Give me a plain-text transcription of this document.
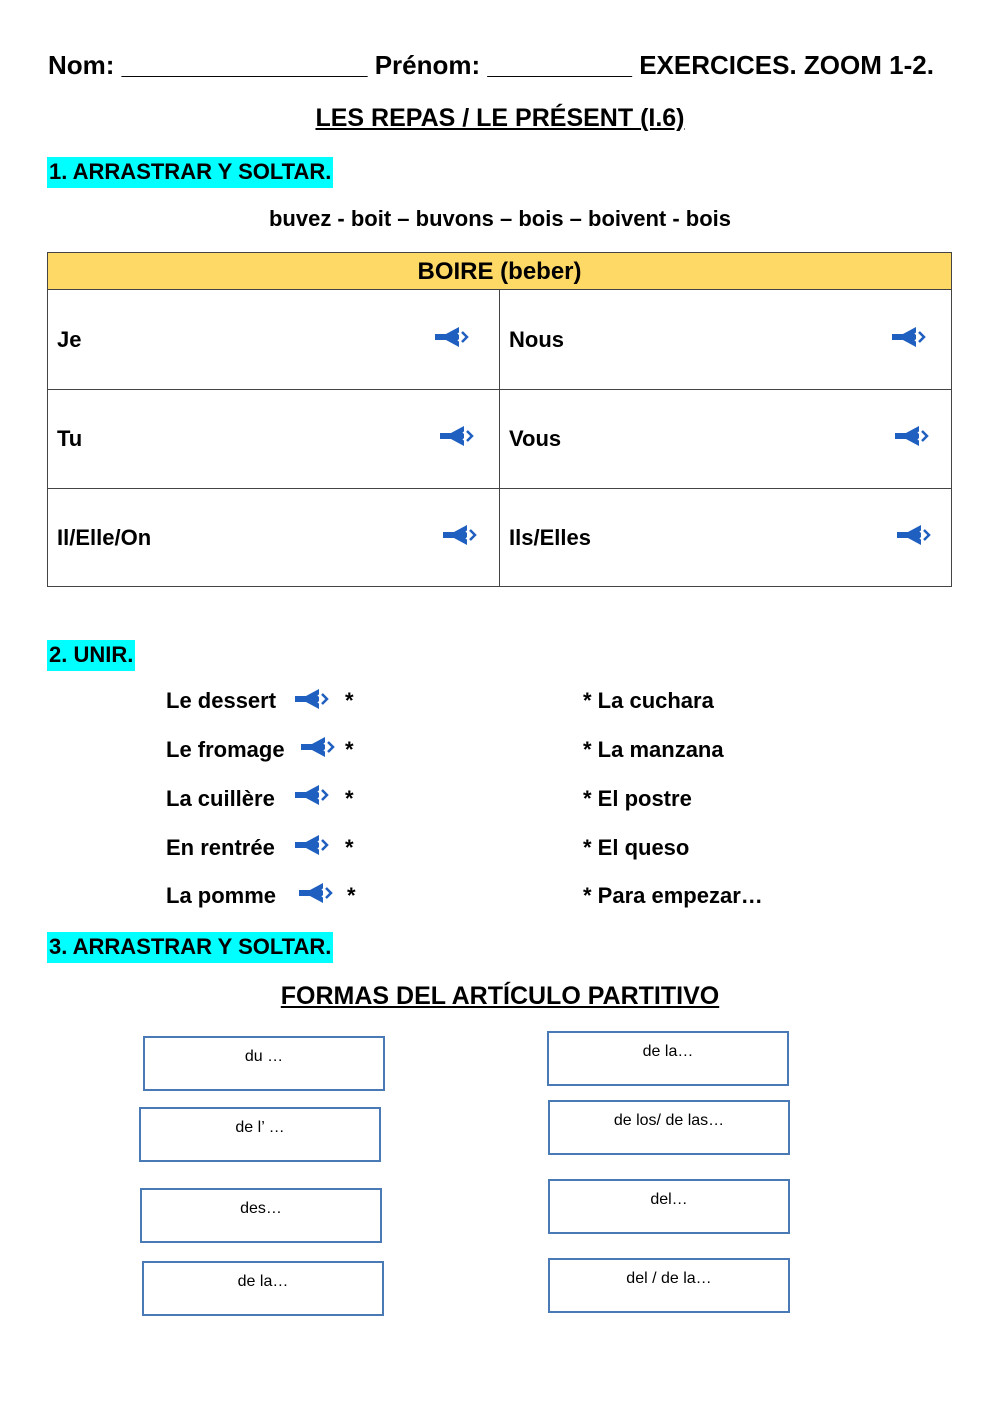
Nom: _________________ Prénom: __________ EXERCICES. ZOOM 1-2.
LES REPAS / LE PRÉSENT (I.6)
1. ARRASTRAR Y SOLTAR.
buvez - boit – buvons – bois – boivent - bois
BOIRE (beber)
Je	Nous
Tu	Vous
Il/Elle/On	Ils/Elles
2. UNIR.
Le dessert	*	* La cuchara
Le fromage	*	* La manzana
La cuillère	*	* El postre
En rentrée	*	* El queso
La pomme	*	* Para empezar…
3. ARRASTRAR Y SOLTAR.
FORMAS DEL ARTÍCULO PARTITIVO
du …
de l’ …
des…
de la…
de la…
de los/ de las…
del…
del / de la…
